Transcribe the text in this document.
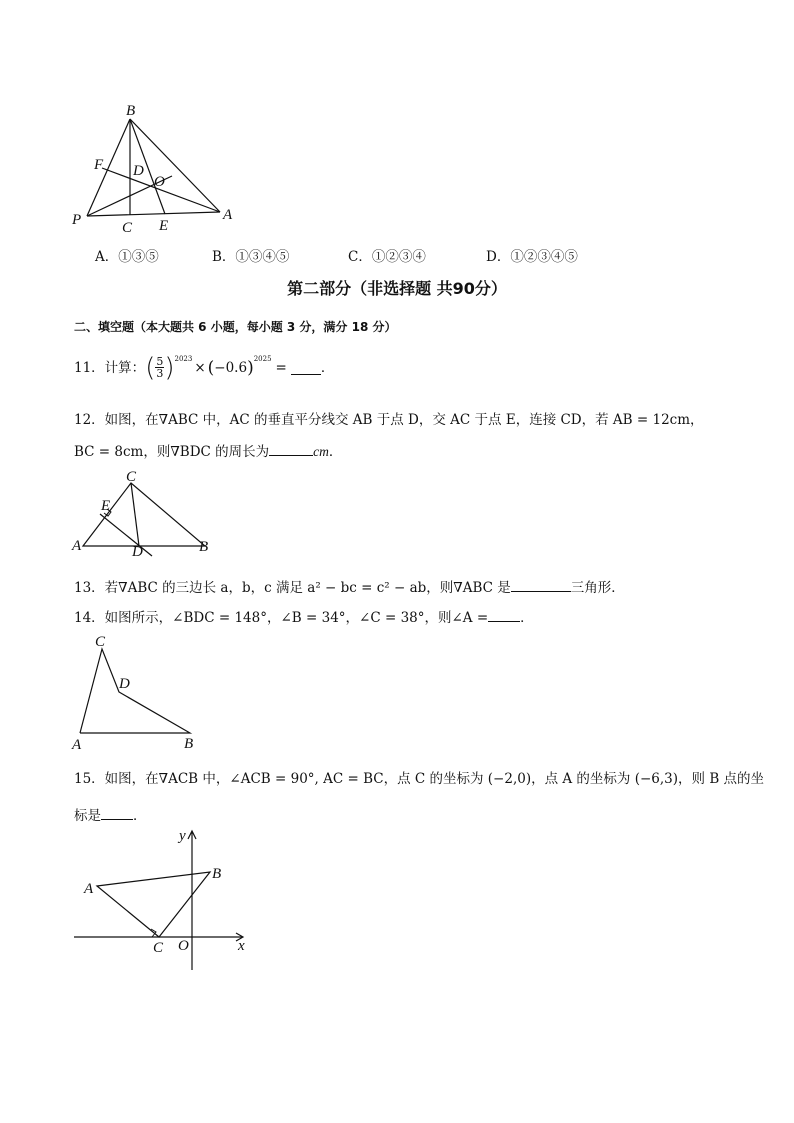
B
F D
O
P	C E
A
A．①③⑤	B．①③④⑤	C．①②③④	D．①②③④⑤
第二部分（非选择题 共90分）
二、填空题（本大题共 6 小题，每小题 3 分，满分 18 分）
11．计算： ( $\frac{5}{3}$ ) 2023
× ( −0.6 ) 2025
=	．
12．如图，在∇ABC 中，AC 的垂直平分线交 AB 于点 D，交 AC 于点 E，连接 CD，若 AB = 12cm，
BC = 8cm，则∇BDC 的周长为	cm．
C
E
A	D	B
13．若∇ABC 的三边长 a，b，c 满足 a² − bc = c² − ab，则∇ABC 是	三角形．
14．如图所示，∠BDC = 148°，∠B = 34°，∠C = 38°，则∠A = ．
C
D
A	B
15．如图，在∇ACB 中，∠ACB = 90°, AC = BC，点 C 的坐标为 (−2,0)，点 A 的坐标为 (−6,3)，则 B 点的坐
标是 ．
y
A
B
C O	x
